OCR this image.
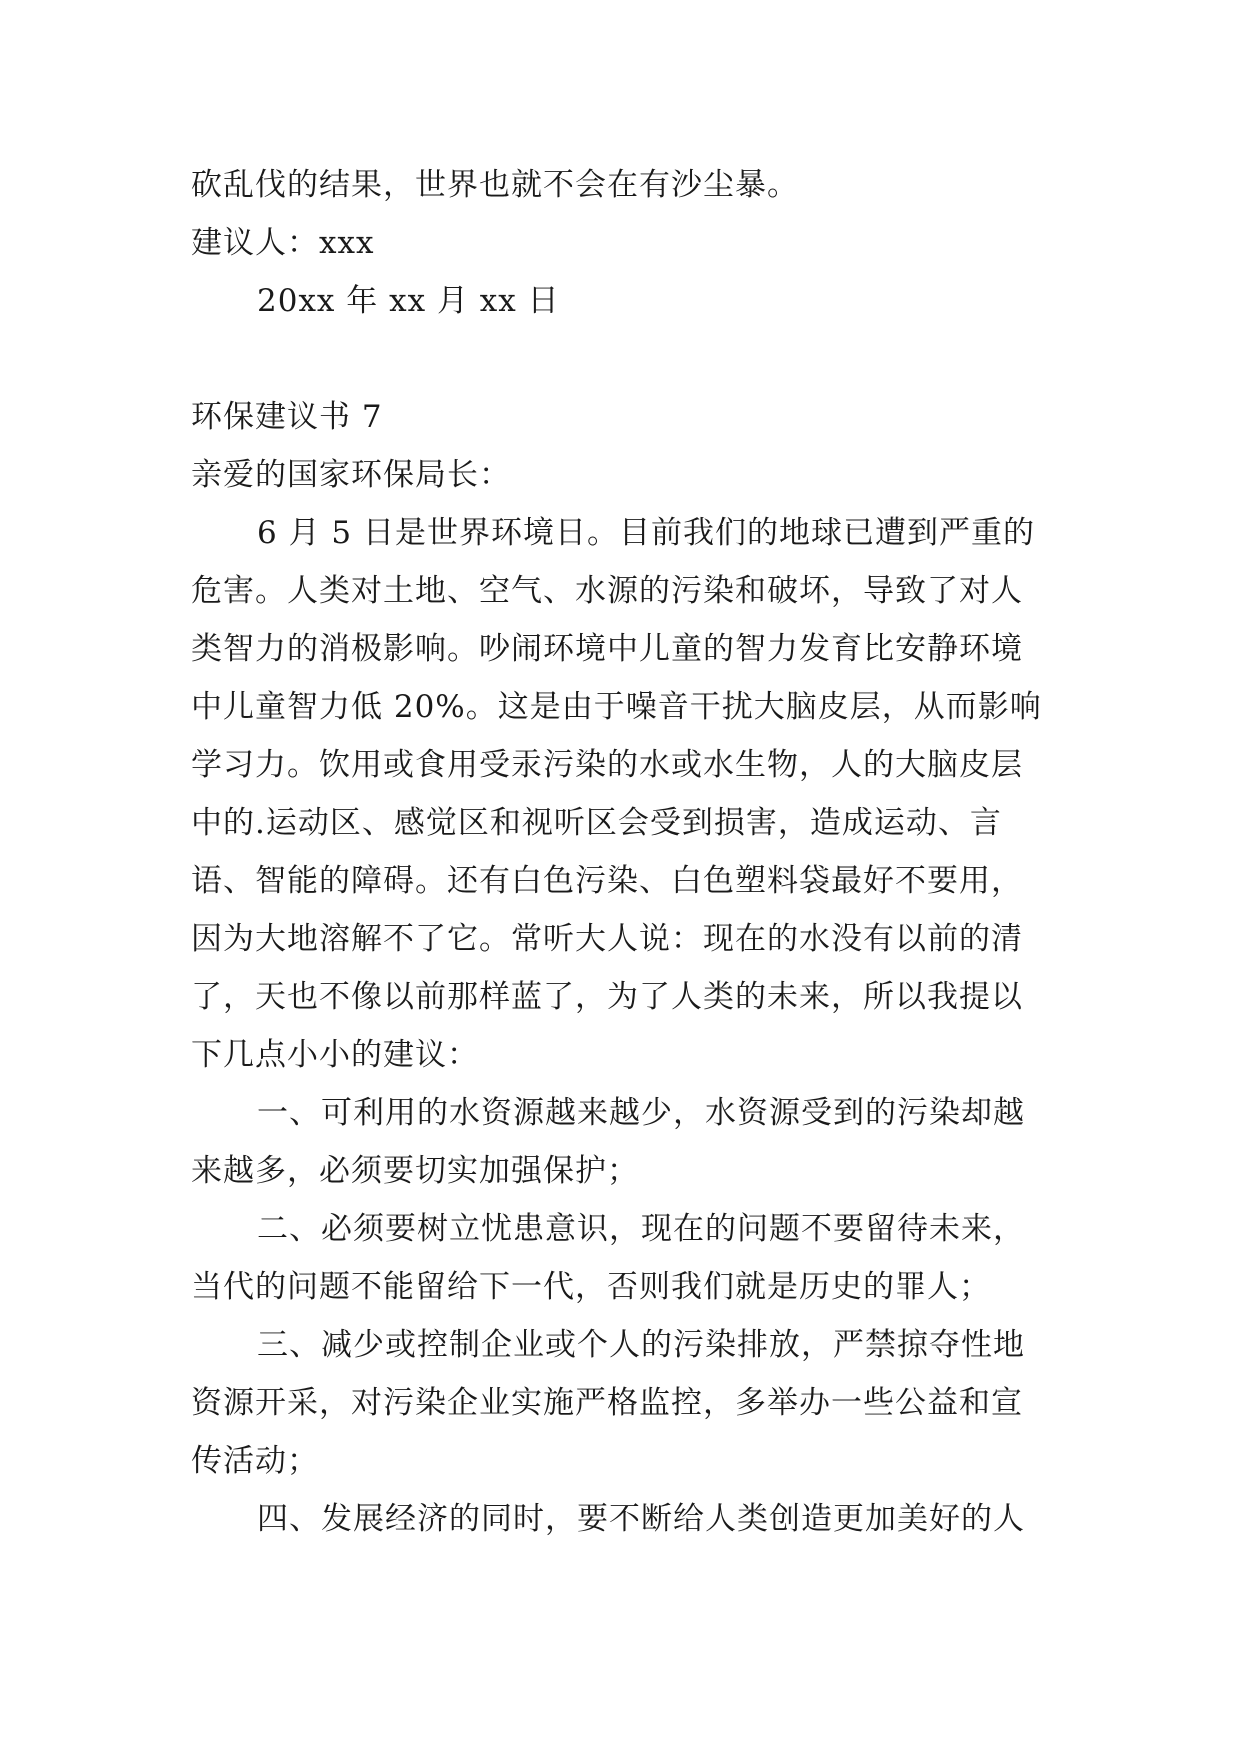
砍乱伐的结果，世界也就不会在有沙尘暴。
建议人：xxx
20xx 年 xx 月 xx 日
环保建议书 7
亲爱的国家环保局长：
6 月 5 日是世界环境日。目前我们的地球已遭到严重的
危害。人类对土地、空气、水源的污染和破坏，导致了对人
类智力的消极影响。吵闹环境中儿童的智力发育比安静环境
中儿童智力低 20%。这是由于噪音干扰大脑皮层，从而影响
学习力。饮用或食用受汞污染的水或水生物，人的大脑皮层
中的.运动区、感觉区和视听区会受到损害，造成运动、言
语、智能的障碍。还有白色污染、白色塑料袋最好不要用，
因为大地溶解不了它。常听大人说：现在的水没有以前的清
了，天也不像以前那样蓝了，为了人类的未来，所以我提以
下几点小小的建议：
一、可利用的水资源越来越少，水资源受到的污染却越
来越多，必须要切实加强保护；
二、必须要树立忧患意识，现在的问题不要留待未来，
当代的问题不能留给下一代，否则我们就是历史的罪人；
三、减少或控制企业或个人的污染排放，严禁掠夺性地
资源开采，对污染企业实施严格监控，多举办一些公益和宣
传活动；
四、发展经济的同时，要不断给人类创造更加美好的人
